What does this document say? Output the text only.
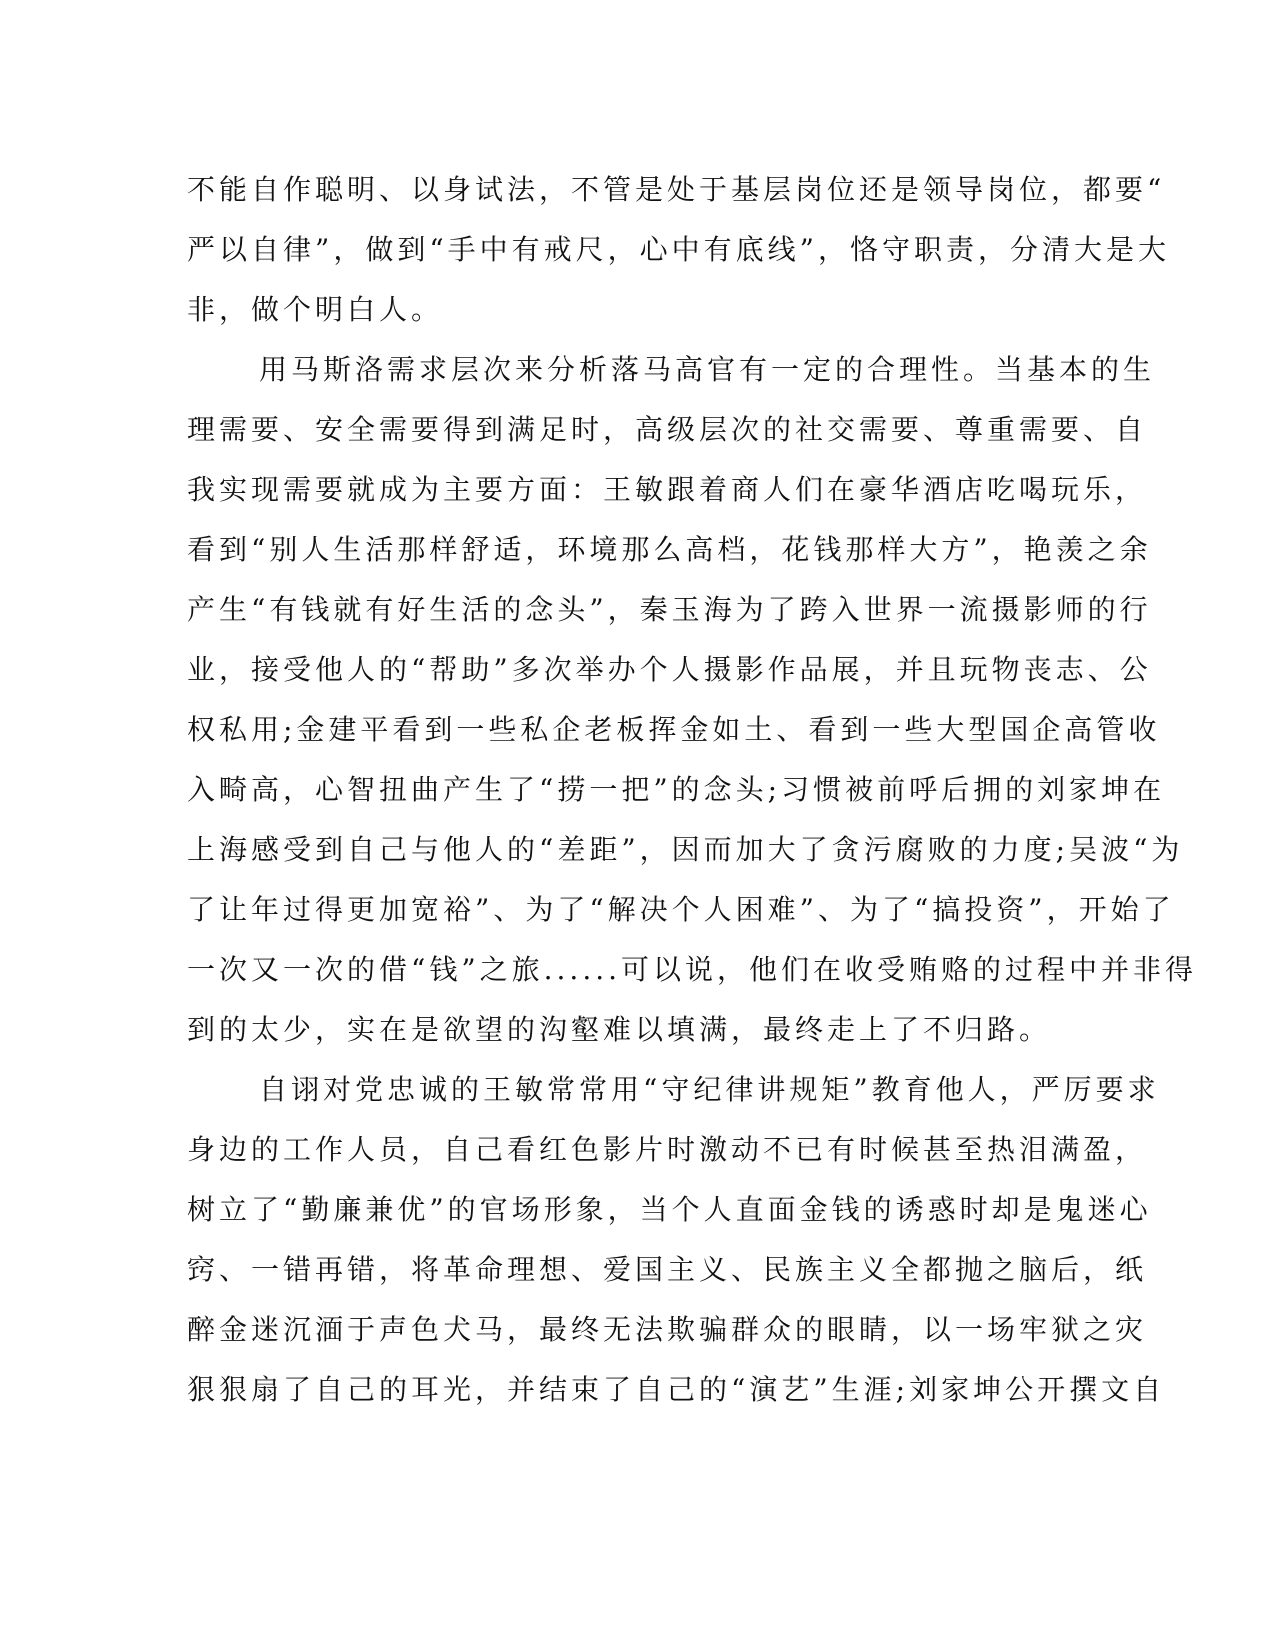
不能自作聪明、以身试法，不管是处于基层岗位还是领导岗位，都要“
严以自律”，做到“手中有戒尺，心中有底线”，恪守职责，分清大是大
非，做个明白人。
用马斯洛需求层次来分析落马高官有一定的合理性。当基本的生
理需要、安全需要得到满足时，高级层次的社交需要、尊重需要、自
我实现需要就成为主要方面：王敏跟着商人们在豪华酒店吃喝玩乐，
看到“别人生活那样舒适，环境那么高档，花钱那样大方”，艳羡之余
产生“有钱就有好生活的念头”，秦玉海为了跨入世界一流摄影师的行
业，接受他人的“帮助”多次举办个人摄影作品展，并且玩物丧志、公
权私用;金建平看到一些私企老板挥金如土、看到一些大型国企高管收
入畸高，心智扭曲产生了“捞一把”的念头;习惯被前呼后拥的刘家坤在
上海感受到自己与他人的“差距”，因而加大了贪污腐败的力度;吴波“为
了让年过得更加宽裕”、为了“解决个人困难”、为了“搞投资”，开始了
一次又一次的借“钱”之旅......可以说，他们在收受贿赂的过程中并非得
到的太少，实在是欲望的沟壑难以填满，最终走上了不归路。
自诩对党忠诚的王敏常常用“守纪律讲规矩”教育他人，严厉要求
身边的工作人员，自己看红色影片时激动不已有时候甚至热泪满盈，
树立了“勤廉兼优”的官场形象，当个人直面金钱的诱惑时却是鬼迷心
窍、一错再错，将革命理想、爱国主义、民族主义全都抛之脑后，纸
醉金迷沉湎于声色犬马，最终无法欺骗群众的眼睛，以一场牢狱之灾
狠狠扇了自己的耳光，并结束了自己的“演艺”生涯;刘家坤公开撰文自
